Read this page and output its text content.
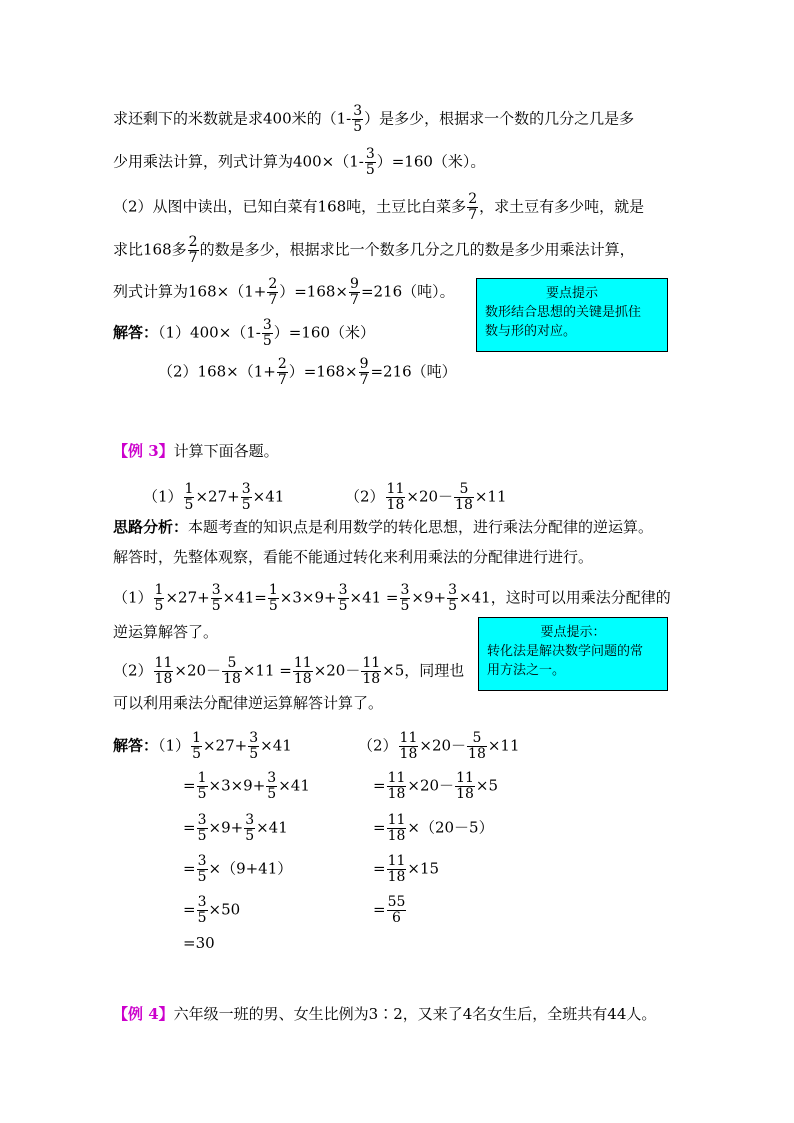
求还剩下的米数就是求400米的（$1- \frac{3}{5}$ ）是多少，根据求一个数的几分之几是多
少用乘法计算，列式计算为$400\times(1- \frac{3}{5} )=160$（米）。
（2）从图中读出，已知白菜有168吨，土豆比白菜多 $\frac{2}{7}$ ，求土豆有多少吨，就是
求比168多 $\frac{2}{7}$ 的数是多少，根据求比一个数多几分之几的数是多少用乘法计算，
列式计算为$168\times(1+ \frac{2}{7} )=168\times \frac{9}{7} =216$（吨）。	要点提示
数形结合思想的关键是抓住
数与形的对应。
解答：$(1)400\times(1- \frac{3}{5} )=160$（米）
$(2)168\times(1+ \frac{2}{7} )=168\times \frac{9}{7} =216$（吨）
【例 3】计算下面各题。
$(1) \frac{1}{5} \times 27+ \frac{3}{5} \times 41$	$(2) \frac{11}{18} \times 20- \frac{5}{18} \times 11$
思路分析：本题考查的知识点是利用数学的转化思想，进行乘法分配律的逆运算。
解答时，先整体观察，看能不能通过转化来利用乘法的分配律进行进行。
$(1) \frac{1}{5} \times 27+ \frac{3}{5} \times 41= \frac{1}{5} \times 3\times 9+ \frac{3}{5} \times 41 = \frac{3}{5} \times 9+ \frac{3}{5} \times 41$，这时可以用乘法分配律的
逆运算解答了。	要点提示：
转化法是解决数学问题的常
用方法之一。
$(2) \frac{11}{18} \times 20- \frac{5}{18} \times 11 = \frac{11}{18} \times 20- \frac{11}{18} \times 5$，同理也
可以利用乘法分配律逆运算解答计算了。
解答：$(1) \frac{1}{5} \times 27+ \frac{3}{5} \times 41$
= $\frac{1}{5} \times 3\times 9+ \frac{3}{5} \times 41$
= $\frac{3}{5} \times 9+ \frac{3}{5} \times 41$
= $\frac{3}{5} \times(9+41)$
= $\frac{3}{5} \times 50$
=30
$(2) \frac{11}{18} \times 20- \frac{5}{18} \times 11$
= $\frac{11}{18} \times 20- \frac{11}{18} \times 5$
= $\frac{11}{18} \times(20-5)$
= $\frac{11}{18} \times 15$
= $\frac{55}{6}$
【例 4】六年级一班的男、女生比例为3∶2，又来了4名女生后，全班共有44人。
